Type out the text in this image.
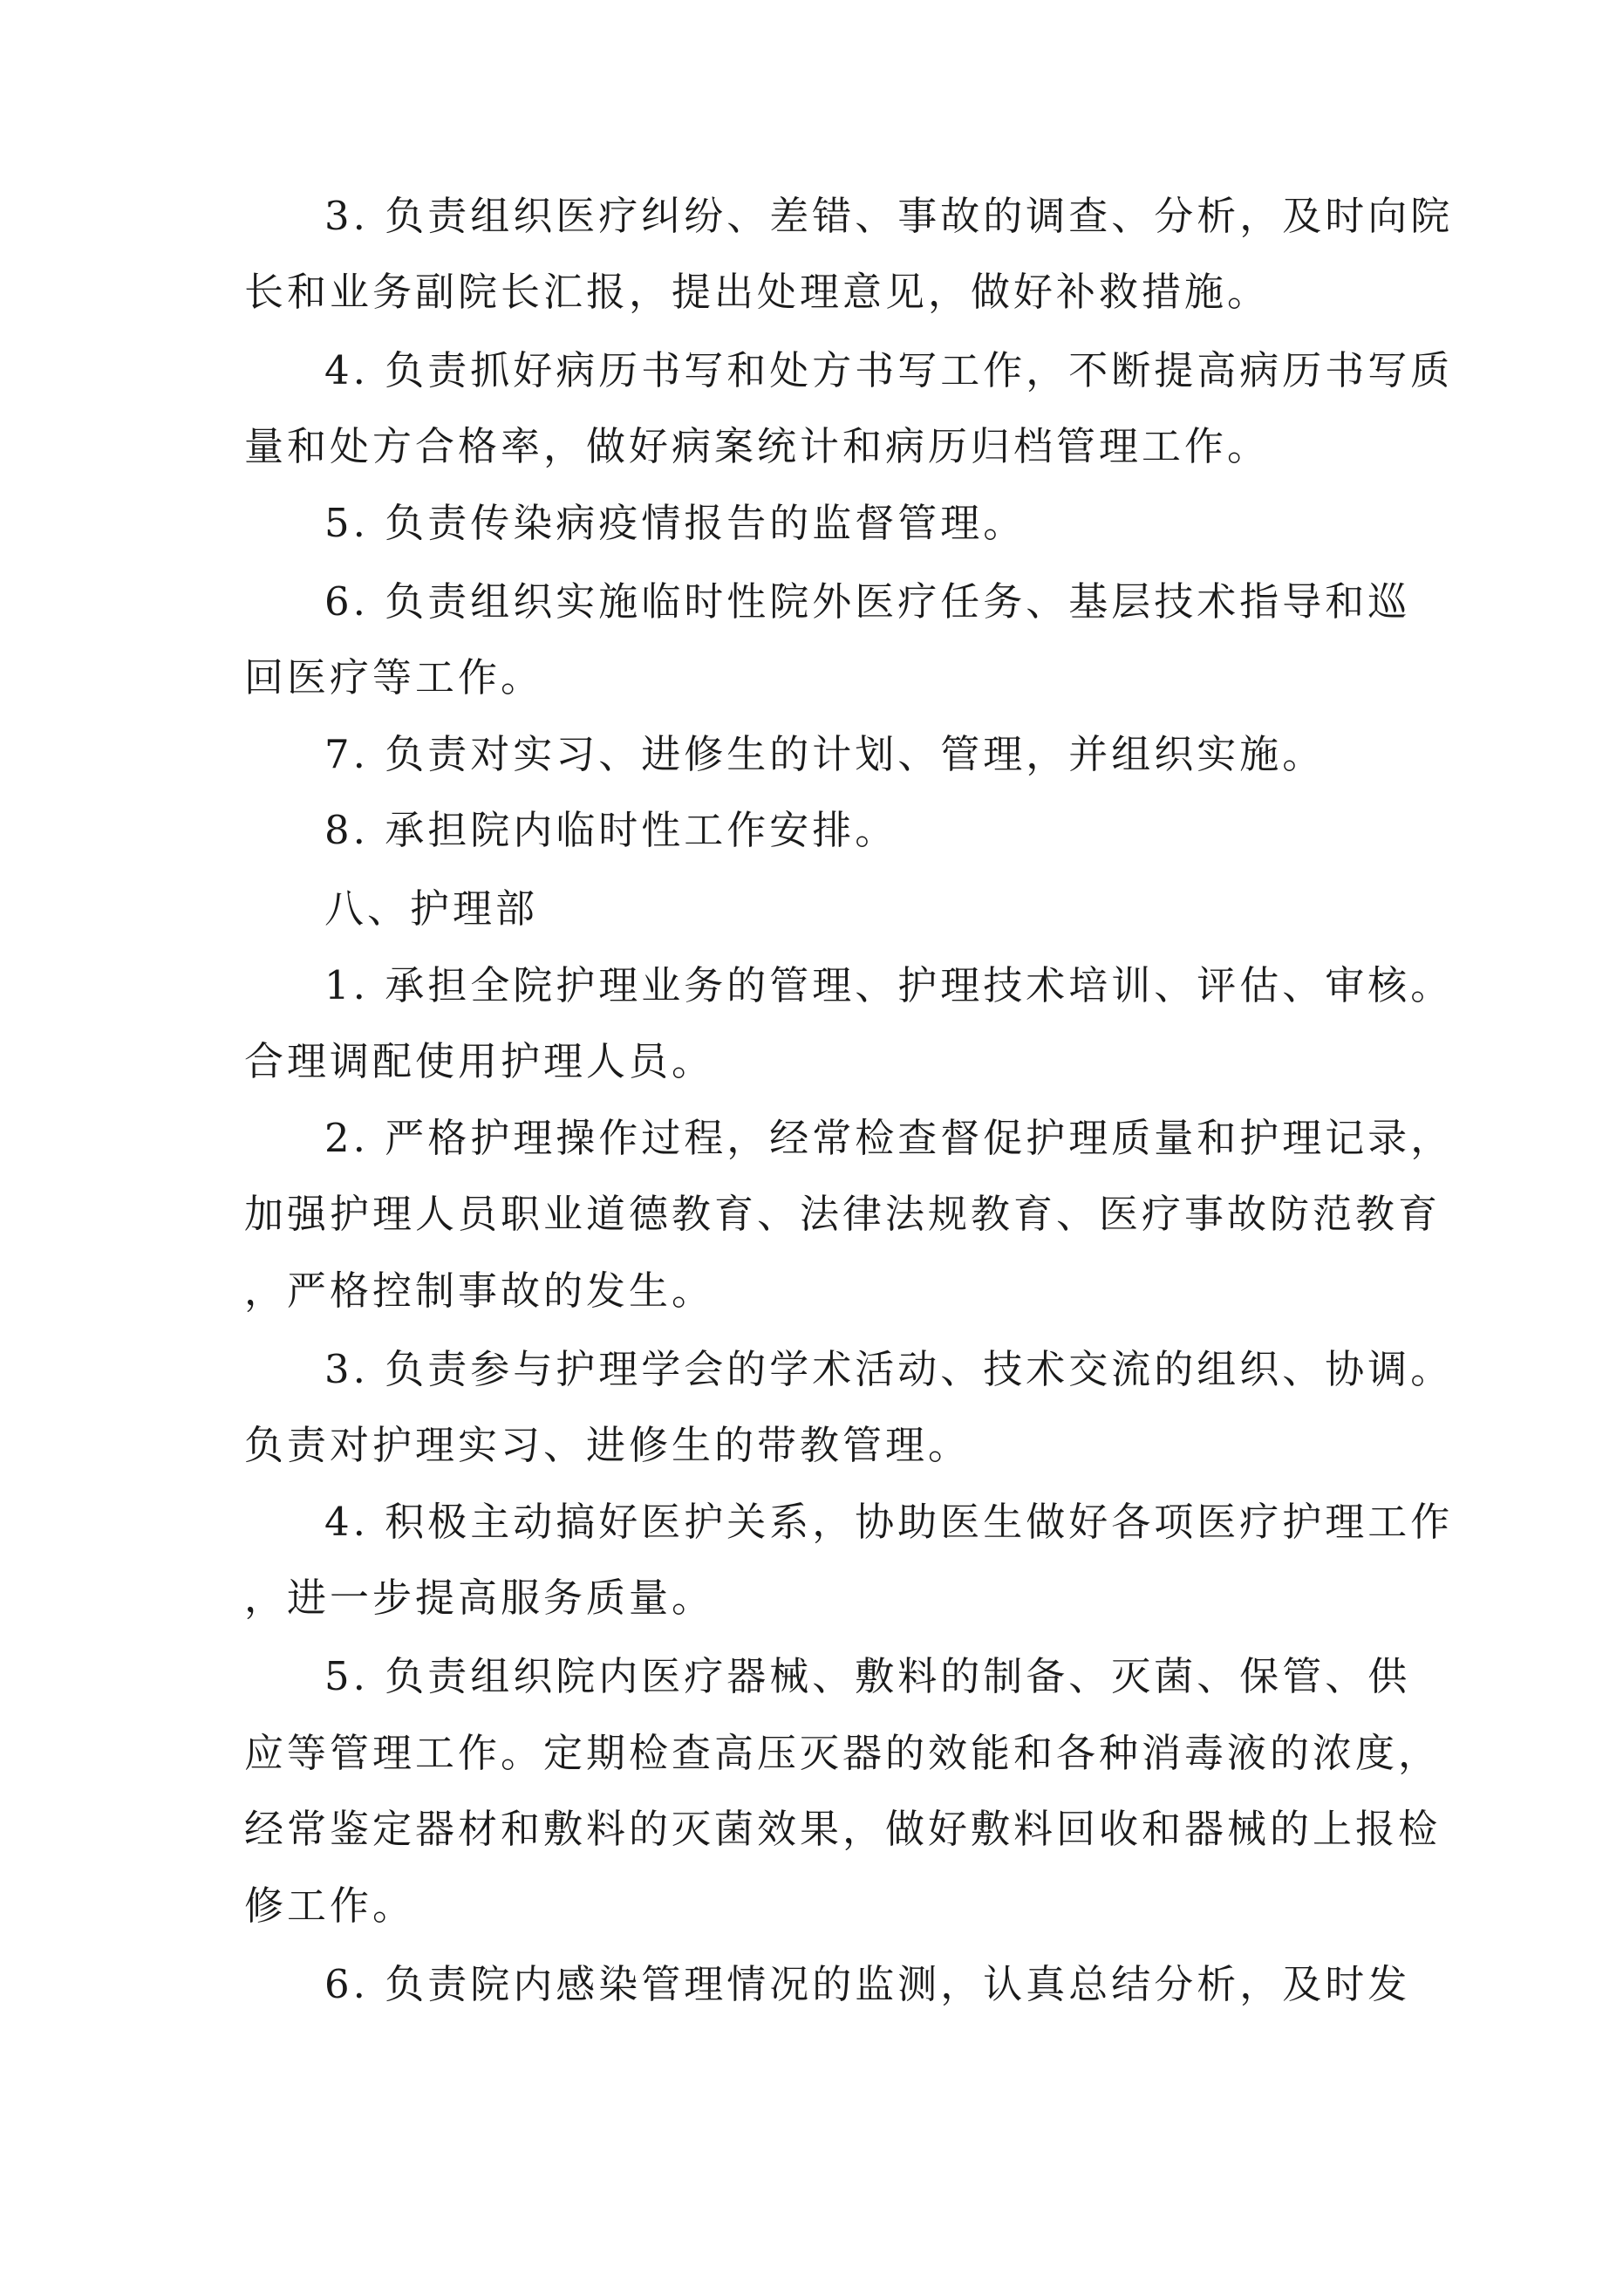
3. 负责组织医疗纠纷、差错、事故的调查、分析，及时向院
长和业务副院长汇报，提出处理意见，做好补救措施。
4. 负责抓好病历书写和处方书写工作，不断提高病历书写质
量和处方合格率，做好病案统计和病历归档管理工作。
5. 负责传染病疫情报告的监督管理。
6. 负责组织实施临时性院外医疗任务、基层技术指导和巡
回医疗等工作。
7. 负责对实习、进修生的计划、管理，并组织实施。
8. 承担院内临时性工作安排。
八、护理部
1. 承担全院护理业务的管理、护理技术培训、评估、审核。
合理调配使用护理人员。
2. 严格护理操作过程，经常检查督促护理质量和护理记录，
加强护理人员职业道德教育、法律法规教育、医疗事故防范教育
，严格控制事故的发生。
3. 负责参与护理学会的学术活动、技术交流的组织、协调。
负责对护理实习、进修生的带教管理。
4. 积极主动搞好医护关系，协助医生做好各项医疗护理工作
，进一步提高服务质量。
5. 负责组织院内医疗器械、敷料的制备、灭菌、保管、供
应等管理工作。定期检查高压灭器的效能和各种消毒液的浓度，
经常鉴定器材和敷料的灭菌效果，做好敷料回收和器械的上报检
修工作。
6. 负责院内感染管理情况的监测，认真总结分析，及时发
